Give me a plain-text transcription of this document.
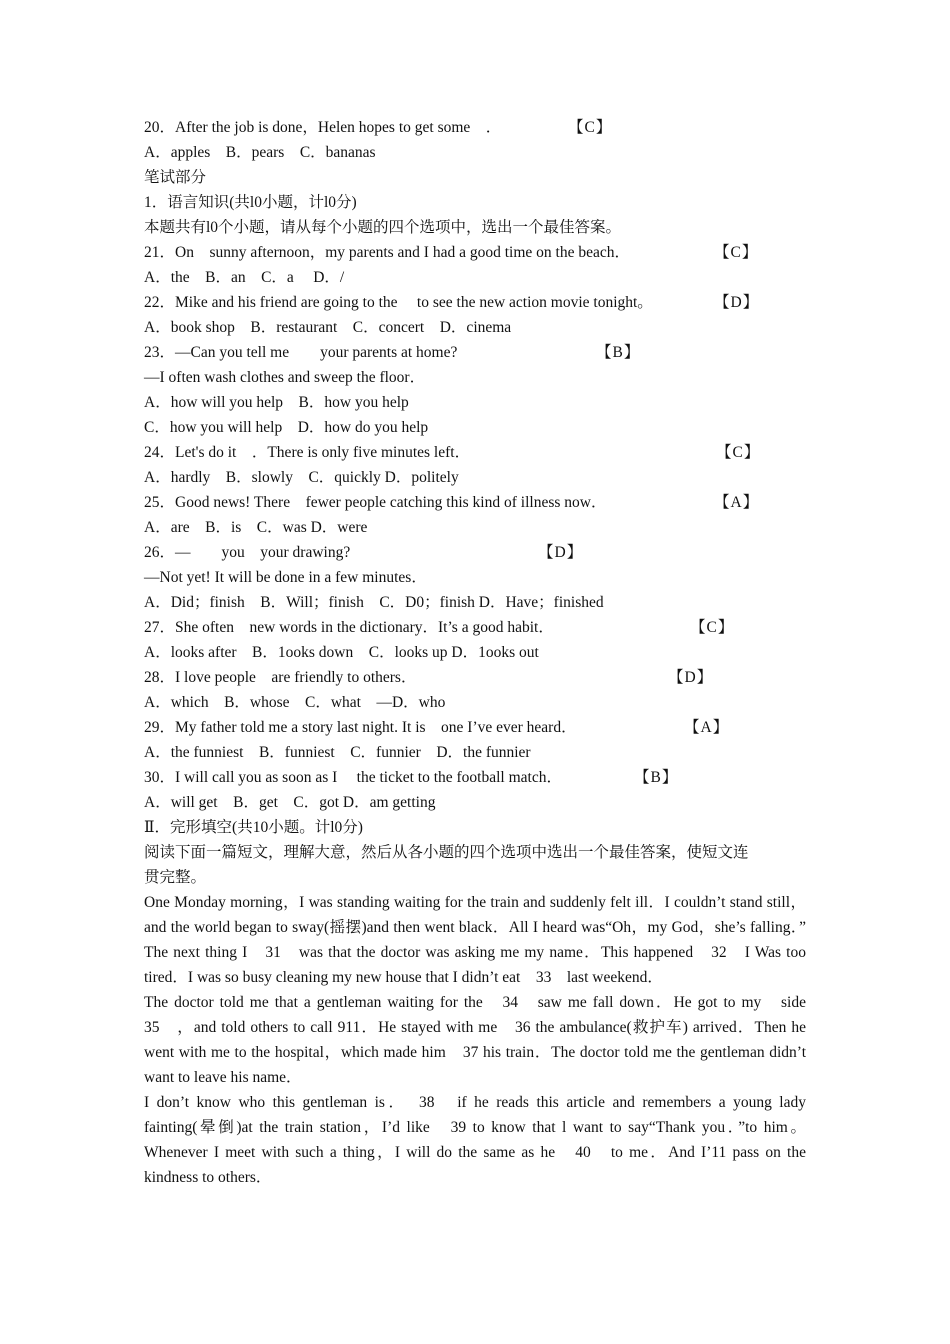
20．After the job is done，Helen hopes to get some　．	【C】
A．apples　B．pears　C．bananas
笔试部分
1．语言知识(共l0小题，计l0分)
本题共有l0个小题，请从每个小题的四个选项中，选出一个最佳答案。
21．On　sunny afternoon，my parents and I had a good time on the beach．	【C】
A．the　B．an　C．a　 D．/
22．Mike and his friend are going to the　 to see the new action movie tonight。	【D】
A．book shop　B．restaurant　C．concert　D．cinema
23．—Can you tell me　　your parents at home?	【B】
—I often wash clothes and sweep the floor．
A．how will you help　B．how you help
C．how you will help　D．how do you help
24．Let's do it　．There is only five minutes left．	【C】
A．hardly　B．slowly　C．quickly D．politely
25．Good news! There　fewer people catching this kind of illness now．	【A】
A．are　B．is　C．was D．were
26．—　　you　your drawing?	【D】
—Not yet! It will be done in a few minutes．
A．Did；finish　B．Will；finish　C．D0；finish D．Have；finished
27．She often　new words in the dictionary．It’s a good habit．	【C】
A．looks after　B．1ooks down　C．looks up D．1ooks out
28．I love people　are friendly to others．	【D】
A．which　B．whose　C．what　—D．who
29．My father told me a story last night. It is　one I’ve ever heard．	【A】
A．the funniest　B．funniest　C．funnier　D．the funnier
30．I will call you as soon as I　 the ticket to the football match．	【B】
A．will get　B．get　C．got D．am getting
Ⅱ．完形填空(共10小题。计l0分)
阅读下面一篇短文，理解大意，然后从各小题的四个选项中选出一个最佳答案，使短文连
贯完整。
One Monday morning，I was standing waiting for the train and suddenly felt ill．I couldn’t stand still，and the world began to sway(摇摆)and then went black．All I heard was“Oh，my God，she’s falling．”　The next thing I　31　was that the doctor was asking me my name．This happened　32　I Was too tired．I was so busy cleaning my new house that I didn’t eat　33　last weekend．
The doctor told me that a gentleman waiting for the　34　saw me fall down．He got to my　side　35　，and told others to call 911．He stayed with me　36 the ambulance(救护车) arrived．Then he went with me to the hospital，which made him　37 his train．The doctor told me the gentleman didn’t want to leave his name．
I don’t know who this gentleman is．　38　if he reads this article and remembers a young lady fainting(晕倒)at the train station，I’d like　39 to know that l want to say“Thank you．”to him。Whenever I meet with such a thing，I will do the same as he　40　to me．And I’11 pass on the kindness to others．
